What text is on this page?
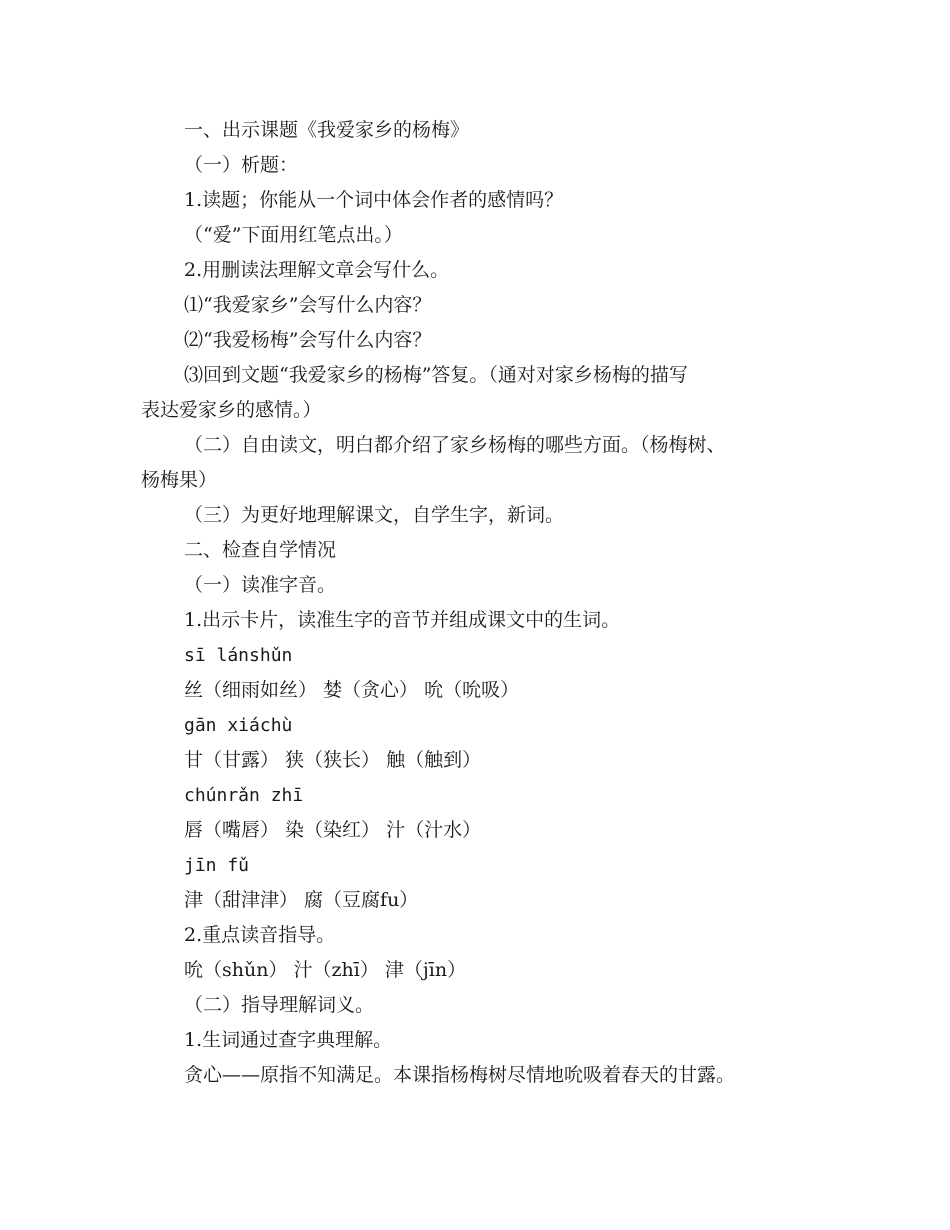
一、出示课题《我爱家乡的杨梅》
（一）析题：
1.读题；你能从一个词中体会作者的感情吗？
（“爱”下面用红笔点出。）
2.用删读法理解文章会写什么。
⑴“我爱家乡”会写什么内容？
⑵“我爱杨梅”会写什么内容？
⑶回到文题“我爱家乡的杨梅”答复。（通对对家乡杨梅的描写
表达爱家乡的感情。）
（二）自由读文，明白都介绍了家乡杨梅的哪些方面。（杨梅树、
杨梅果）
（三）为更好地理解课文，自学生字，新词。
二、检查自学情况
（一）读准字音。
1.出示卡片，读准生字的音节并组成课文中的生词。
sī lánshǔn
丝（细雨如丝） 婪（贪心） 吮（吮吸）
gān xiáchù
甘（甘露） 狭（狭长） 触（触到）
chúnrǎn zhī
唇（嘴唇） 染（染红） 汁（汁水）
jīn fǔ
津（甜津津） 腐（豆腐fu）
2.重点读音指导。
吮（shǔn） 汁（zhī） 津（jīn）
（二）指导理解词义。
1.生词通过查字典理解。
贪心——原指不知满足。本课指杨梅树尽情地吮吸着春天的甘露。
